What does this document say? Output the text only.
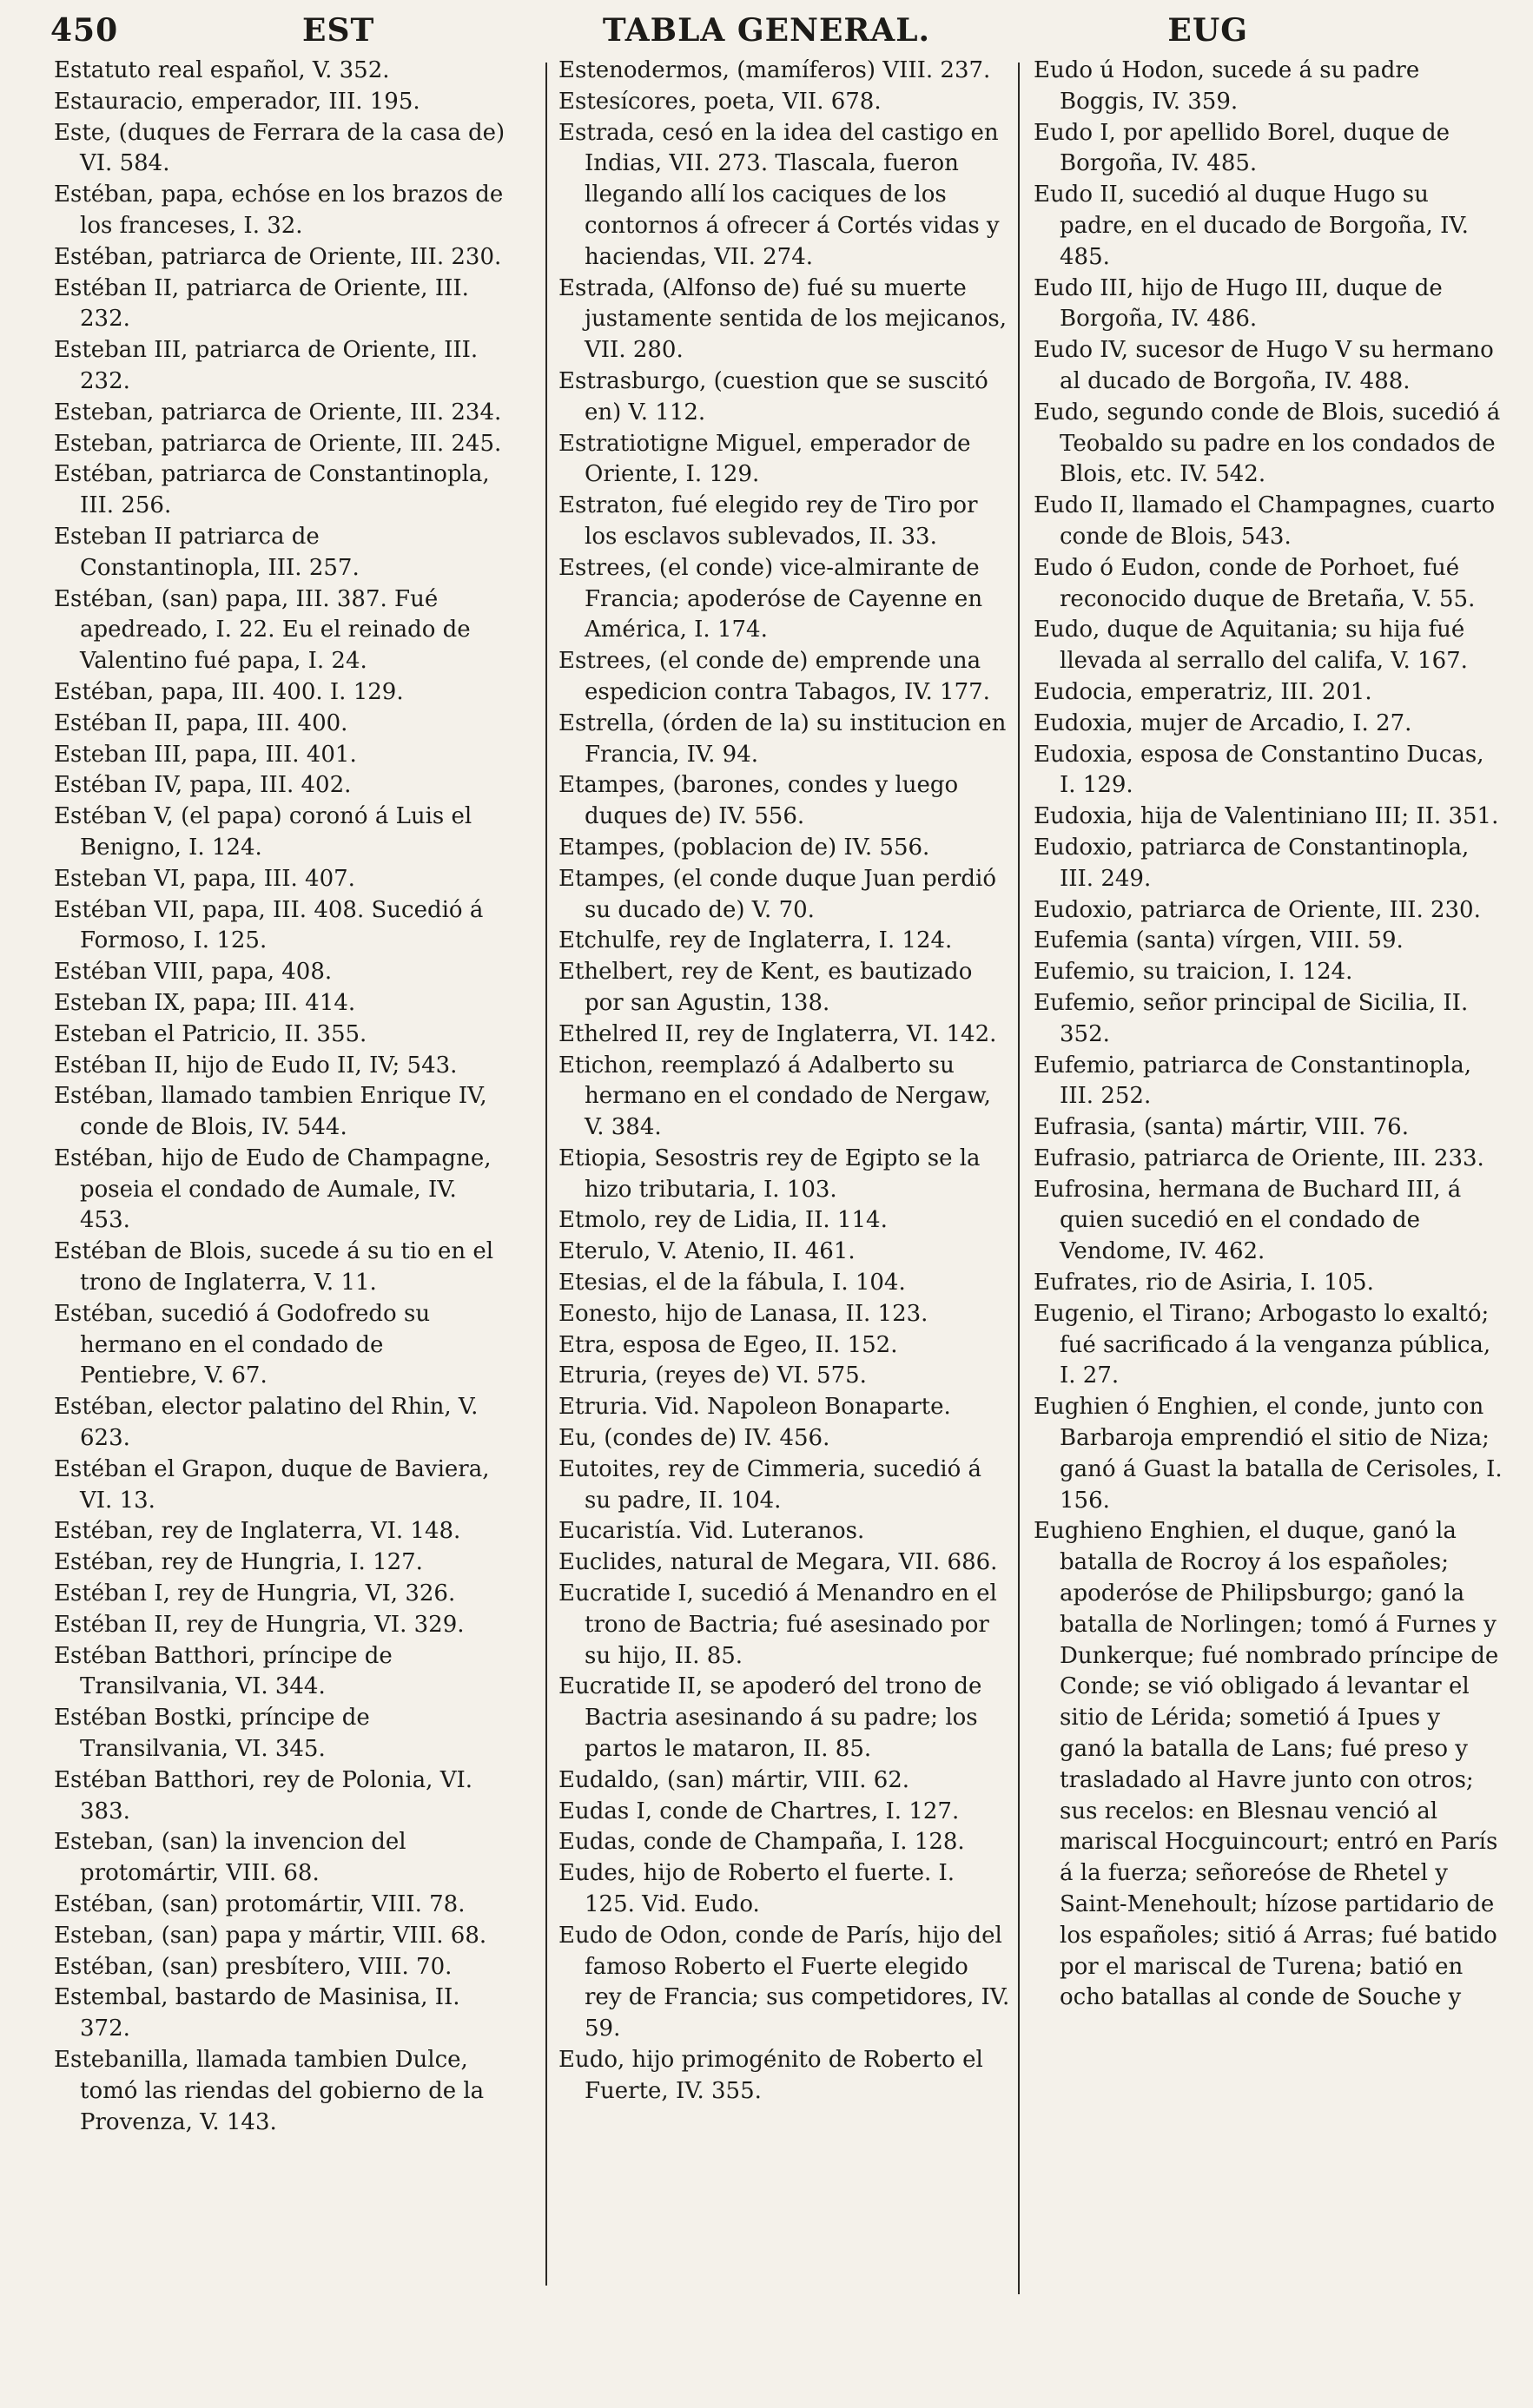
450	EST	TABLA GENERAL.	EUG

Estatuto real español, V. 352.

Estauracio, emperador, III. 195.

Este, (duques de Ferrara de la casa de) VI. 584.

Estéban, papa, echóse en los brazos de los franceses, I. 32.

Estéban, patriarca de Oriente, III. 230.

Estéban II, patriarca de Oriente, III. 232.

Esteban III, patriarca de Oriente, III. 232.

Esteban, patriarca de Oriente, III. 234.

Esteban, patriarca de Oriente, III. 245.

Estéban, patriarca de Constantinopla, III. 256.

Esteban II patriarca de Constantinopla, III. 257.

Estéban, (san) papa, III. 387. Fué apedreado, I. 22. Eu el reinado de Valentino fué papa, I. 24.

Estéban, papa, III. 400. I. 129.

Estéban II, papa, III. 400.

Esteban III, papa, III. 401.

Estéban IV, papa, III. 402.

Estéban V, (el papa) coronó á Luis el Benigno, I. 124.

Esteban VI, papa, III. 407.

Estéban VII, papa, III. 408. Sucedió á Formoso, I. 125.

Estéban VIII, papa, 408.

Esteban IX, papa; III. 414.

Esteban el Patricio, II. 355.

Estéban II, hijo de Eudo II, IV; 543.

Estéban, llamado tambien Enrique IV, conde de Blois, IV. 544.

Estéban, hijo de Eudo de Champagne, poseia el condado de Aumale, IV. 453.

Estéban de Blois, sucede á su tio en el trono de Inglaterra, V. 11.

Estéban, sucedió á Godofredo su hermano en el condado de Pentiebre, V. 67.

Estéban, elector palatino del Rhin, V. 623.

Estéban el Grapon, duque de Baviera, VI. 13.

Estéban, rey de Inglaterra, VI. 148.

Estéban, rey de Hungria, I. 127.

Estéban I, rey de Hungria, VI, 326.

Estéban II, rey de Hungria, VI. 329.

Estéban Batthori, príncipe de Transilvania, VI. 344.

Estéban Bostki, príncipe de Transilvania, VI. 345.

Estéban Batthori, rey de Polonia, VI. 383.

Esteban, (san) la invencion del protomártir, VIII. 68.

Estéban, (san) protomártir, VIII. 78.

Esteban, (san) papa y mártir, VIII. 68.

Estéban, (san) presbítero, VIII. 70.

Estembal, bastardo de Masinisa, II. 372.

Estebanilla, llamada tambien Dulce, tomó las riendas del gobierno de la Provenza, V. 143.

Estenodermos, (mamíferos) VIII. 237.

Estesícores, poeta, VII. 678.

Estrada, cesó en la idea del castigo en Indias, VII. 273. Tlascala, fueron llegando allí los caciques de los contornos á ofrecer á Cortés vidas y haciendas, VII. 274.

Estrada, (Alfonso de) fué su muerte justamente sentida de los mejicanos, VII. 280.

Estrasburgo, (cuestion que se suscitó en) V. 112.

Estratiotigne Miguel, emperador de Oriente, I. 129.

Estraton, fué elegido rey de Tiro por los esclavos sublevados, II. 33.

Estrees, (el conde) vice-almirante de Francia; apoderóse de Cayenne en América, I. 174.

Estrees, (el conde de) emprende una espedicion contra Tabagos, IV. 177.

Estrella, (órden de la) su institucion en Francia, IV. 94.

Etampes, (barones, condes y luego duques de) IV. 556.

Etampes, (poblacion de) IV. 556.

Etampes, (el conde duque Juan perdió su ducado de) V. 70.

Etchulfe, rey de Inglaterra, I. 124.

Ethelbert, rey de Kent, es bautizado por san Agustin, 138.

Ethelred II, rey de Inglaterra, VI. 142.

Etichon, reemplazó á Adalberto su hermano en el condado de Nergaw, V. 384.

Etiopia, Sesostris rey de Egipto se la hizo tributaria, I. 103.

Etmolo, rey de Lidia, II. 114.

Eterulo, V. Atenio, II. 461.

Etesias, el de la fábula, I. 104.

Eonesto, hijo de Lanasa, II. 123.

Etra, esposa de Egeo, II. 152.

Etruria, (reyes de) VI. 575.

Etruria. Vid. Napoleon Bonaparte.

Eu, (condes de) IV. 456.

Eutoites, rey de Cimmeria, sucedió á su padre, II. 104.

Eucaristía. Vid. Luteranos.

Euclides, natural de Megara, VII. 686.

Eucratide I, sucedió á Menandro en el trono de Bactria; fué asesinado por su hijo, II. 85.

Eucratide II, se apoderó del trono de Bactria asesinando á su padre; los partos le mataron, II. 85.

Eudaldo, (san) mártir, VIII. 62.

Eudas I, conde de Chartres, I. 127.

Eudas, conde de Champaña, I. 128.

Eudes, hijo de Roberto el fuerte. I. 125. Vid. Eudo.

Eudo de Odon, conde de París, hijo del famoso Roberto el Fuerte elegido rey de Francia; sus competidores, IV. 59.

Eudo, hijo primogénito de Roberto el Fuerte, IV. 355.

Eudo ú Hodon, sucede á su padre Boggis, IV. 359.

Eudo I, por apellido Borel, duque de Borgoña, IV. 485.

Eudo II, sucedió al duque Hugo su padre, en el ducado de Borgoña, IV. 485.

Eudo III, hijo de Hugo III, duque de Borgoña, IV. 486.

Eudo IV, sucesor de Hugo V su hermano al ducado de Borgoña, IV. 488.

Eudo, segundo conde de Blois, sucedió á Teobaldo su padre en los condados de Blois, etc. IV. 542.

Eudo II, llamado el Champagnes, cuarto conde de Blois, 543.

Eudo ó Eudon, conde de Porhoet, fué reconocido duque de Bretaña, V. 55.

Eudo, duque de Aquitania; su hija fué llevada al serrallo del califa, V. 167.

Eudocia, emperatriz, III. 201.

Eudoxia, mujer de Arcadio, I. 27.

Eudoxia, esposa de Constantino Ducas, I. 129.

Eudoxia, hija de Valentiniano III; II. 351.

Eudoxio, patriarca de Constantinopla, III. 249.

Eudoxio, patriarca de Oriente, III. 230.

Eufemia (santa) vírgen, VIII. 59.

Eufemio, su traicion, I. 124.

Eufemio, señor principal de Sicilia, II. 352.

Eufemio, patriarca de Constantinopla, III. 252.

Eufrasia, (santa) mártir, VIII. 76.

Eufrasio, patriarca de Oriente, III. 233.

Eufrosina, hermana de Buchard III, á quien sucedió en el condado de Vendome, IV. 462.

Eufrates, rio de Asiria, I. 105.

Eugenio, el Tirano; Arbogasto lo exaltó; fué sacrificado á la venganza pública, I. 27.

Eughien ó Enghien, el conde, junto con Barbaroja emprendió el sitio de Niza; ganó á Guast la batalla de Cerisoles, I. 156.

Eughieno Enghien, el duque, ganó la batalla de Rocroy á los españoles; apoderóse de Philipsburgo; ganó la batalla de Norlingen; tomó á Furnes y Dunkerque; fué nombrado príncipe de Conde; se vió obligado á levantar el sitio de Lérida; sometió á Ipues y ganó la batalla de Lans; fué preso y trasladado al Havre junto con otros; sus recelos: en Blesnau venció al mariscal Hocguincourt; entró en París á la fuerza; señoreóse de Rhetel y Saint-Menehoult; hízose partidario de los españoles; sitió á Arras; fué batido por el mariscal de Turena; batió en ocho batallas al conde de Souche y
